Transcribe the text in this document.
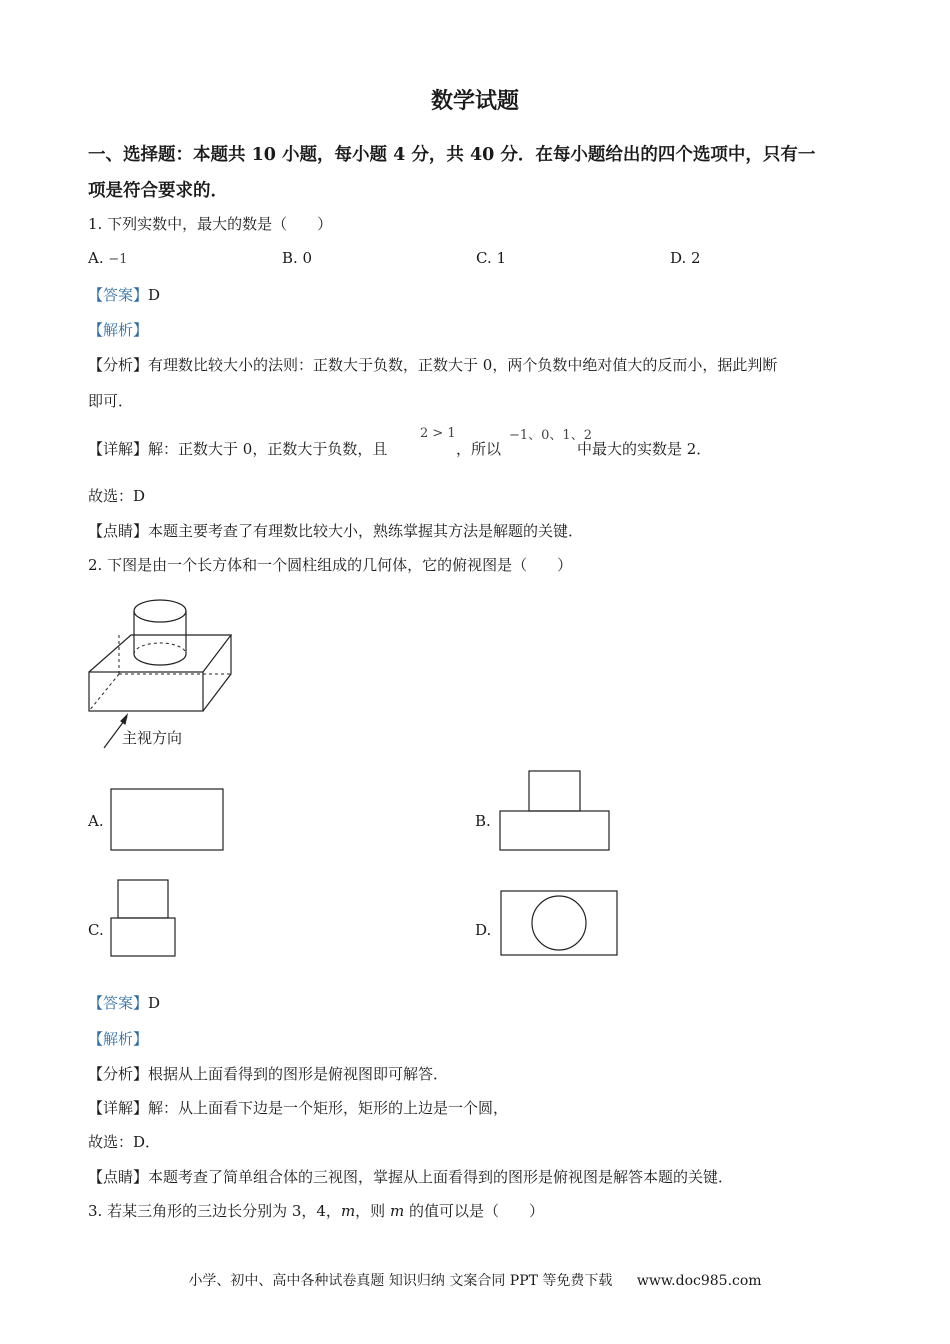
数学试题
一、选择题：本题共 10 小题，每小题 4 分，共 40 分．在每小题给出的四个选项中，只有一
项是符合要求的．
1. 下列实数中，最大的数是（　　）
A. −1	B. 0	C. 1	D. 2
【答案】D
【解析】
【分析】有理数比较大小的法则：正数大于负数，正数大于 0，两个负数中绝对值大的反而小，据此判断
即可．
【详解】解：正数大于 0，正数大于负数，且
2 > 1
，所以
−1、0、1、2
中最大的实数是 2．
故选：D
【点睛】本题主要考查了有理数比较大小，熟练掌握其方法是解题的关键．
2. 下图是由一个长方体和一个圆柱组成的几何体，它的俯视图是（　　）
主视方向
A.	B.
C.	D.
【答案】D
【解析】
【分析】根据从上面看得到的图形是俯视图即可解答．
【详解】解：从上面看下边是一个矩形，矩形的上边是一个圆，
故选：D．
【点睛】本题考查了简单组合体的三视图，掌握从上面看得到的图形是俯视图是解答本题的关键．
3. 若某三角形的三边长分别为 3，4，m，则 m 的值可以是（　　）
小学、初中、高中各种试卷真题 知识归纳 文案合同 PPT 等免费下载 www.doc985.com
